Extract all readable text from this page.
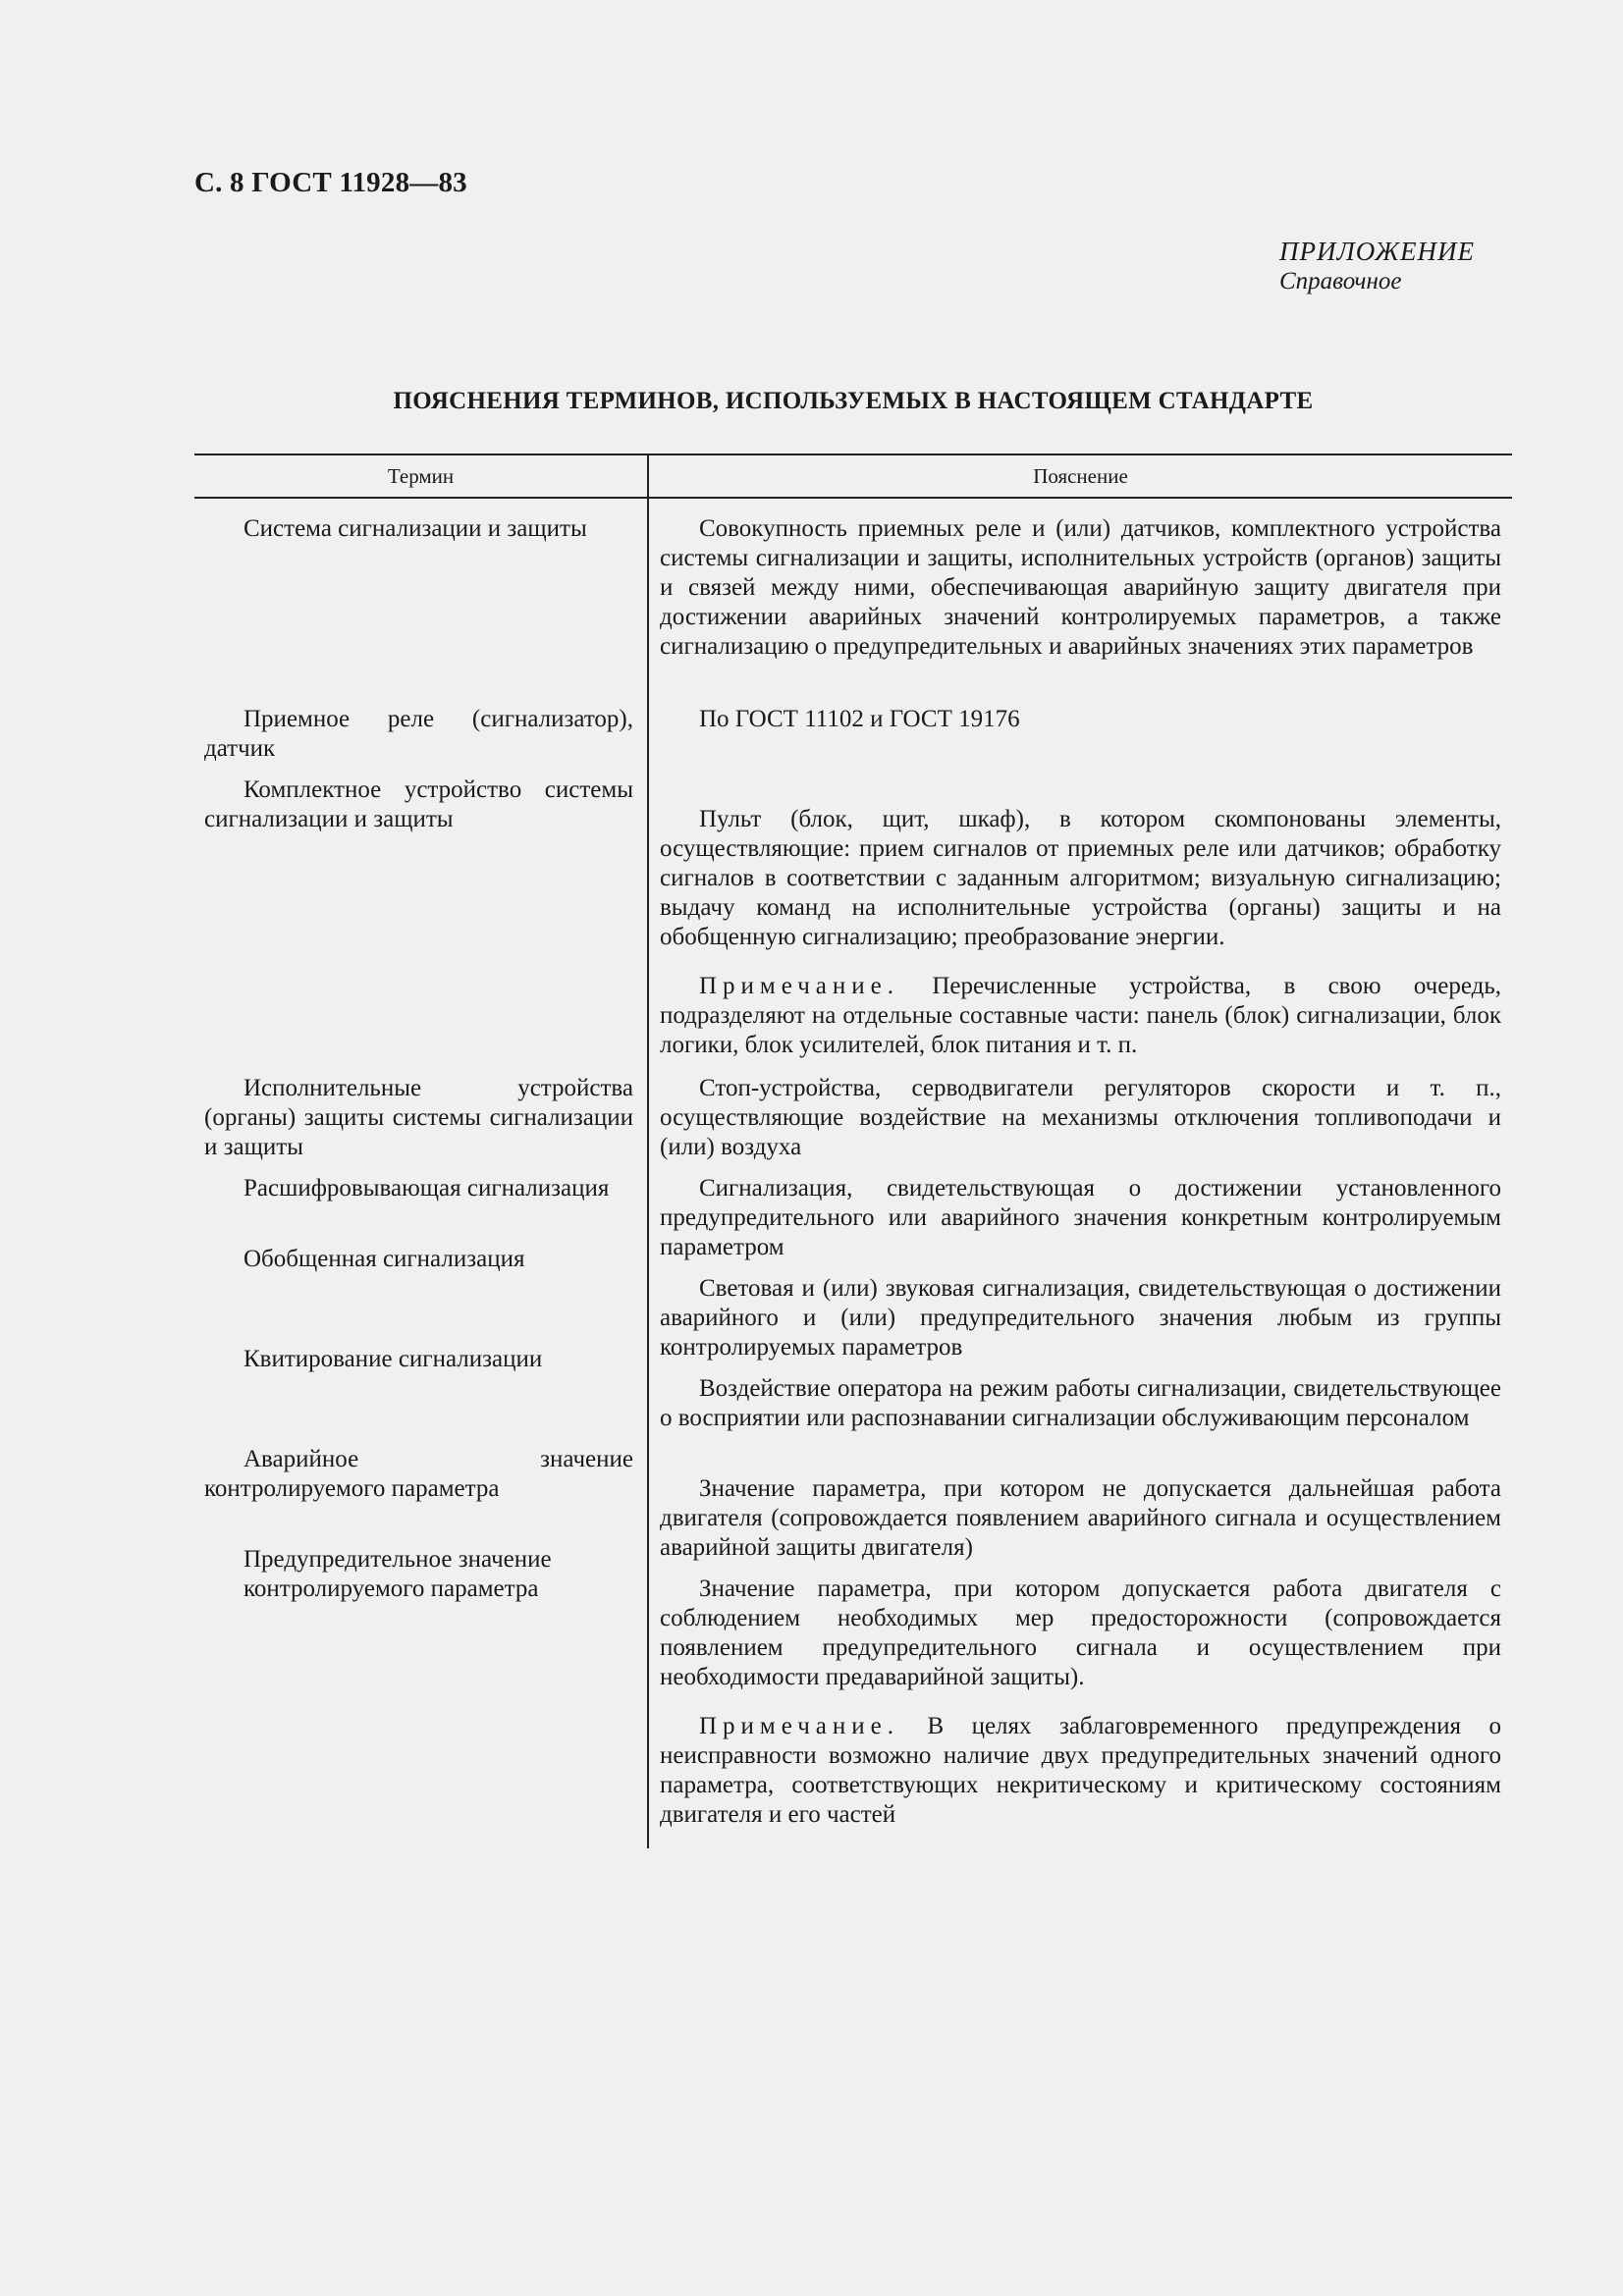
С. 8 ГОСТ 11928—83
ПРИЛОЖЕНИЕ
Справочное
ПОЯСНЕНИЯ ТЕРМИНОВ, ИСПОЛЬЗУЕМЫХ В НАСТОЯЩЕМ СТАНДАРТЕ
Термин	Пояснение
Система сигнализации и защиты
Приемное реле (сигнализатор), датчик
Комплектное устройство системы сигнализации и защиты
Исполнительные устройства (органы) защиты системы сигнализации и защиты
Расшифровывающая сигнализация
Обобщенная сигнализация
Квитирование сигнализации
Аварийное значение контролируемого параметра
Предупредительное значение контролируемого параметра
Совокупность приемных реле и (или) датчиков, комплектного устройства системы сигнализации и защиты, исполнительных устройств (органов) защиты и связей между ними, обеспечивающая аварийную защиту двигателя при достижении аварийных значений контролируемых параметров, а также сигнализацию о предупредительных и аварийных значениях этих параметров
По ГОСТ 11102 и ГОСТ 19176
Пульт (блок, щит, шкаф), в котором скомпонованы элементы, осуществляющие: прием сигналов от приемных реле или датчиков; обработку сигналов в соответствии с заданным алгоритмом; визуальную сигнализацию; выдачу команд на исполнительные устройства (органы) защиты и на обобщенную сигнализацию; преобразование энергии.
Примечание. Перечисленные устройства, в свою очередь, подразделяют на отдельные составные части: панель (блок) сигнализации, блок логики, блок усилителей, блок питания и т. п.
Стоп-устройства, серводвигатели регуляторов скорости и т. п., осуществляющие воздействие на механизмы отключения топливоподачи и (или) воздуха
Сигнализация, свидетельствующая о достижении установленного предупредительного или аварийного значения конкретным контролируемым параметром
Световая и (или) звуковая сигнализация, свидетельствующая о достижении аварийного и (или) предупредительного значения любым из группы контролируемых параметров
Воздействие оператора на режим работы сигнализации, свидетельствующее о восприятии или распознавании сигнализации обслуживающим персоналом
Значение параметра, при котором не допускается дальнейшая работа двигателя (сопровождается появлением аварийного сигнала и осуществлением аварийной защиты двигателя)
Значение параметра, при котором допускается работа двигателя с соблюдением необходимых мер предосторожности (сопровождается появлением предупредительного сигнала и осуществлением при необходимости предаварийной защиты).
Примечание. В целях заблаговременного предупреждения о неисправности возможно наличие двух предупредительных значений одного параметра, соответствующих некритическому и критическому состояниям двигателя и его частей
